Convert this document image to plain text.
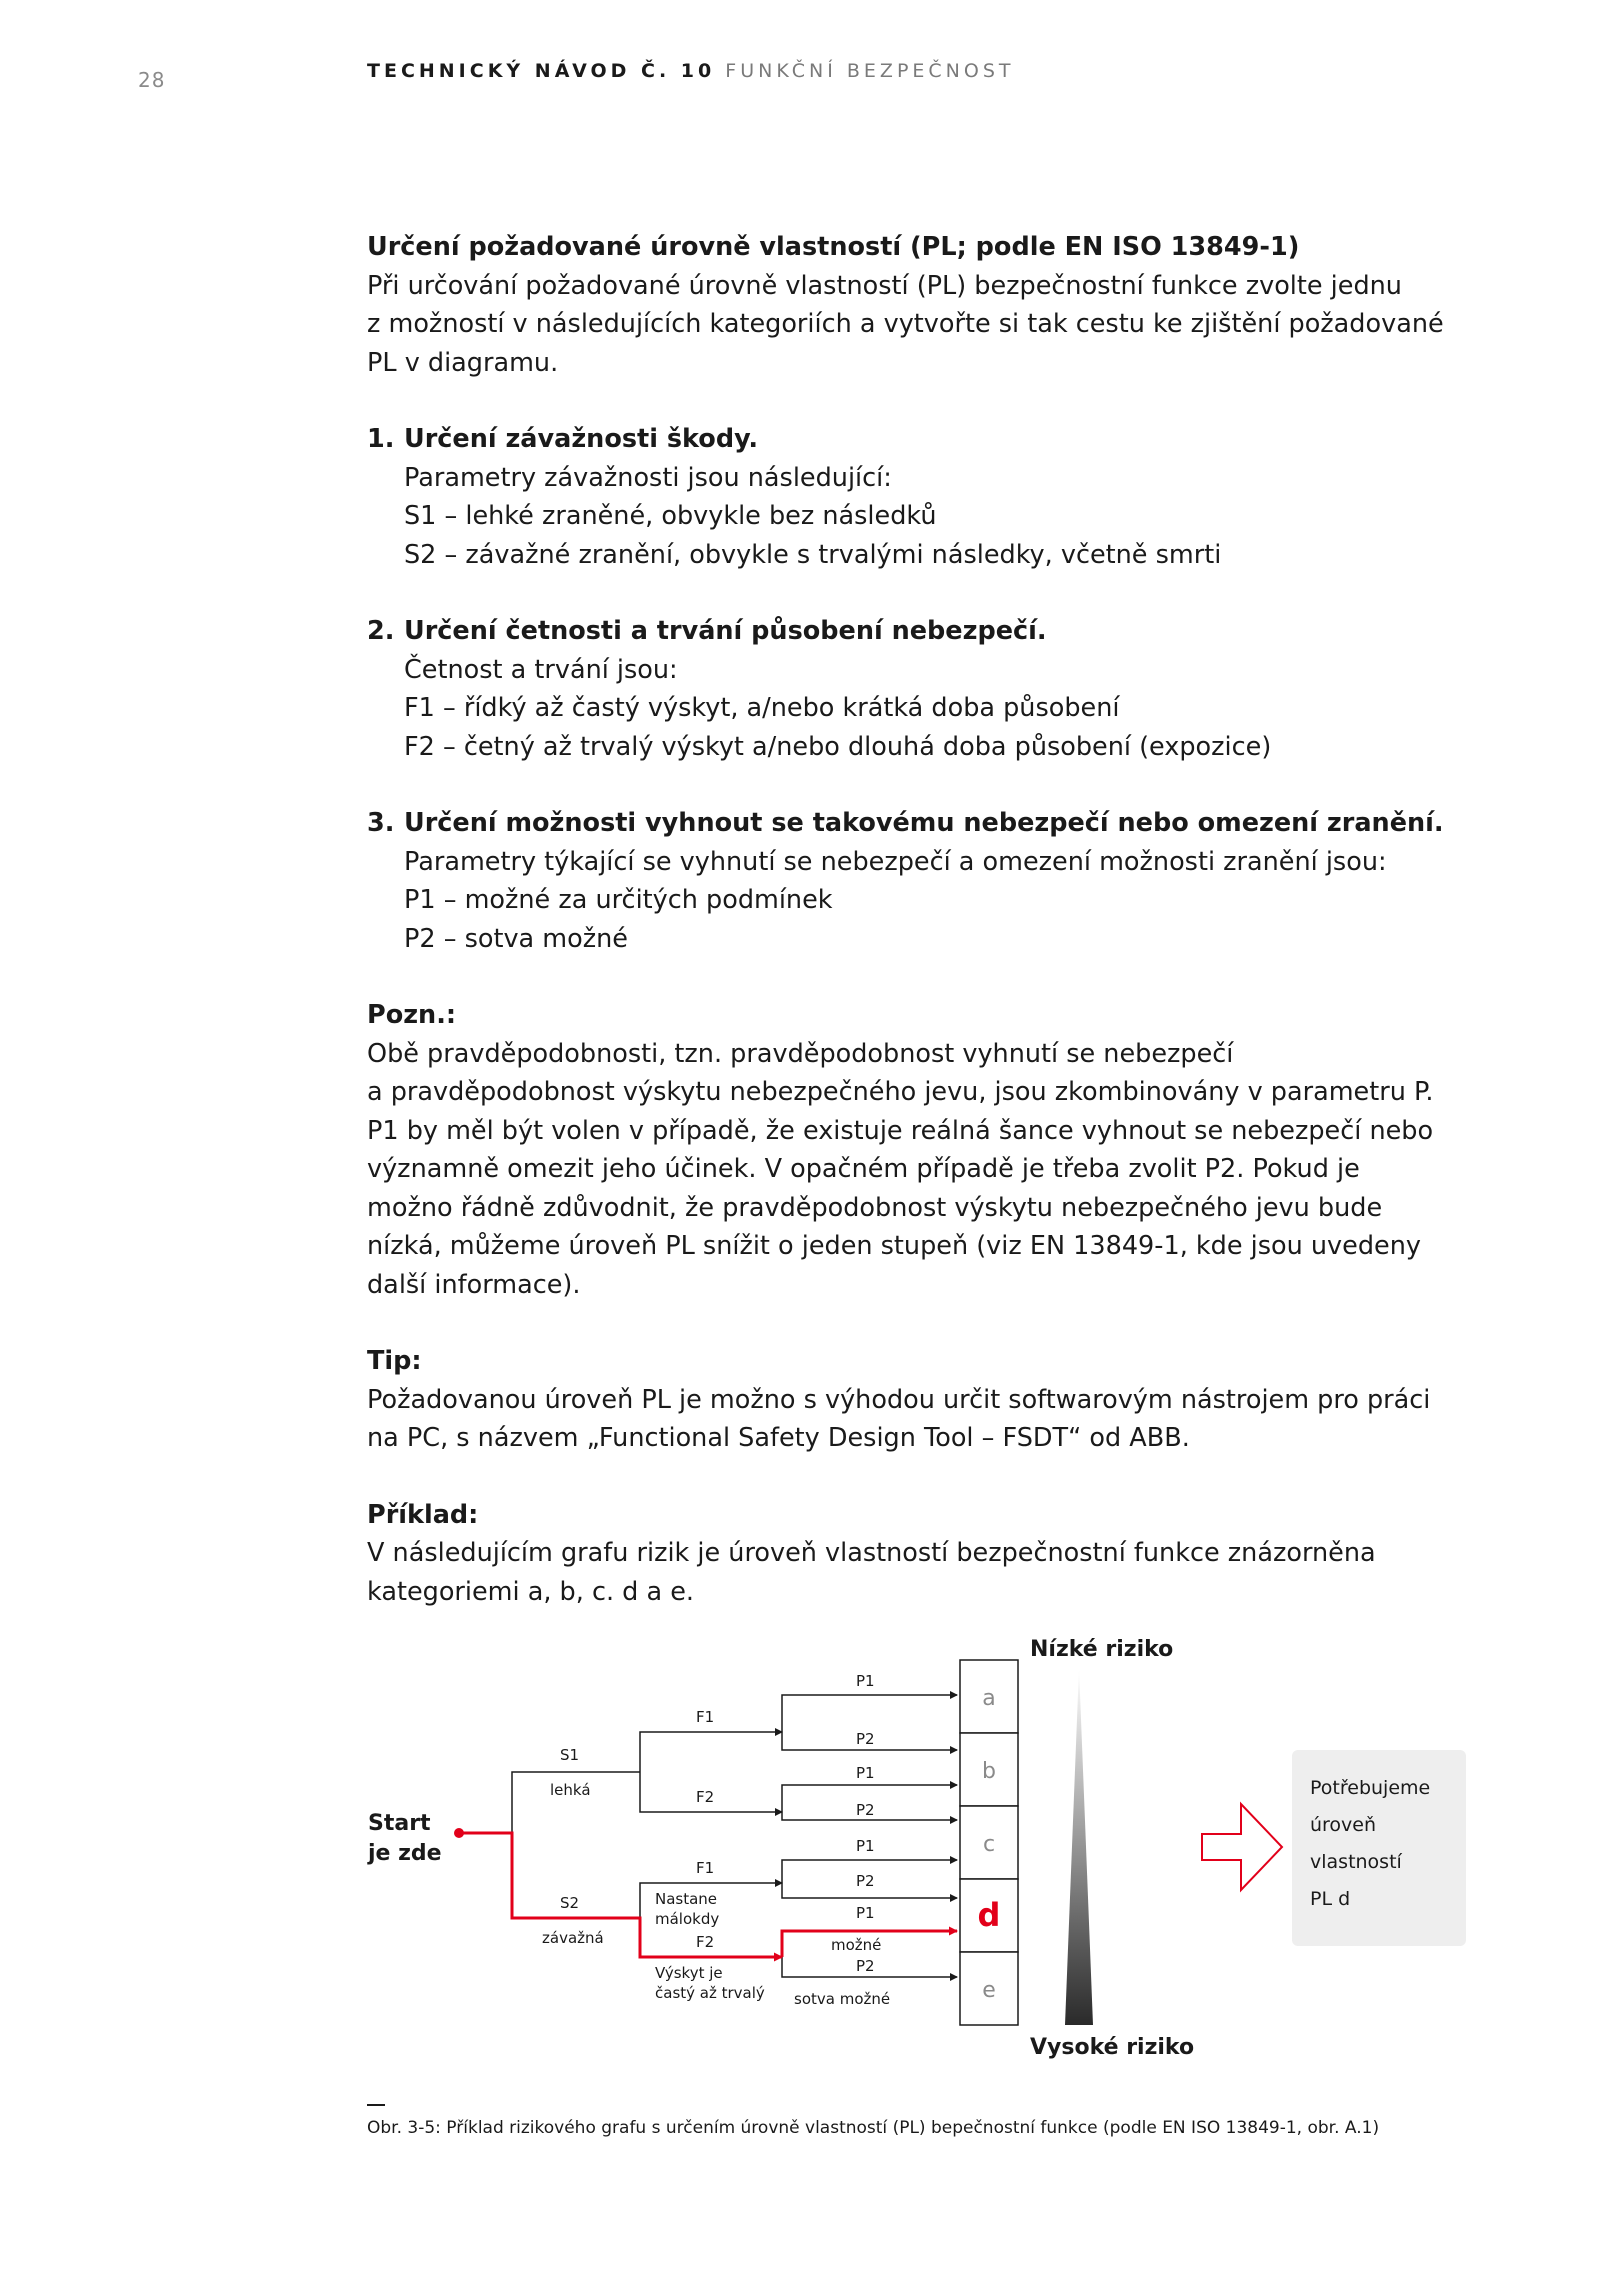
28	TECHNICKÝ NÁVOD Č. 10 FUNKČNÍ BEZPEČNOST

Určení požadované úrovně vlastností (PL; podle EN ISO 13849-1)

Při určování požadované úrovně vlastností (PL) bezpečnostní funkce zvolte jednu

z možností v následujících kategoriích a vytvořte si tak cestu ke zjištění požadované

PL v diagramu.

1. Určení závažnosti škody.

Parametry závažnosti jsou následující:

S1 – lehké zraněné, obvykle bez následků

S2 – závažné zranění, obvykle s trvalými následky, včetně smrti

2. Určení četnosti a trvání působení nebezpečí.

Četnost a trvání jsou:

F1 – řídký až častý výskyt, a/nebo krátká doba působení

F2 – četný až trvalý výskyt a/nebo dlouhá doba působení (expozice)

3. Určení možnosti vyhnout se takovému nebezpečí nebo omezení zranění.

Parametry týkající se vyhnutí se nebezpečí a omezení možnosti zranění jsou:

P1 – možné za určitých podmínek

P2 – sotva možné

Pozn.:

Obě pravděpodobnosti, tzn. pravděpodobnost vyhnutí se nebezpečí

a pravděpodobnost výskytu nebezpečného jevu, jsou zkombinovány v parametru P.

P1 by měl být volen v případě, že existuje reálná šance vyhnout se nebezpečí nebo

významně omezit jeho účinek. V opačném případě je třeba zvolit P2. Pokud je

možno řádně zdůvodnit, že pravděpodobnost výskytu nebezpečného jevu bude

nízká, můžeme úroveň PL snížit o jeden stupeň (viz EN 13849-1, kde jsou uvedeny

další informace).

Tip:

Požadovanou úroveň PL je možno s výhodou určit softwarovým nástrojem pro práci

na PC, s názvem „Functional Safety Design Tool – FSDT“ od ABB.

Příklad:

V následujícím grafu rizik je úroveň vlastností bezpečnostní funkce znázorněna

kategoriemi a, b, c. d a e.

Start
je zde
S1
lehká
S2
závažná
F1
F2
F1
F2
Nastane
málokdy
Výskyt je
častý až trvalý
P1
P2
P1
P2
P1
P2
P1
možné
P2
sotva možné
a
b
c
e
d
Nízké riziko
Vysoké riziko
Potřebujeme
úroveň
vlastností
PL d
Obr. 3-5: Příklad rizikového grafu s určením úrovně vlastností (PL) bepečnostní funkce (podle EN ISO 13849-1, obr. A.1)
